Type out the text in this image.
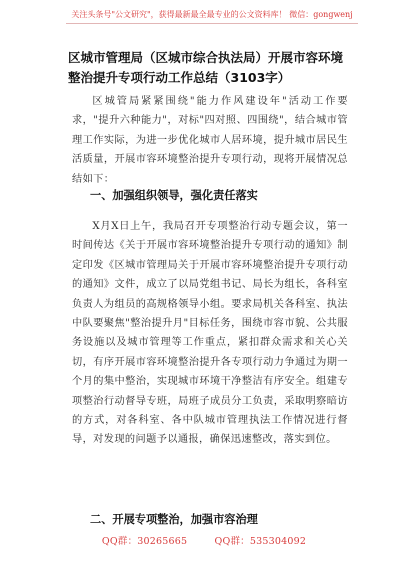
关注头条号"公文研究"，获得最新最全最专业的公文资料库！ 微信：gongwenj
区城市管理局（区城市综合执法局）开展市容环境整治提升专项行动工作总结（3103字）

区城管局紧紧围绕"能力作风建设年"活动工作要求，"提升六种能力"，对标"四对照、四围绕"，结合城市管理工作实际，为进一步优化城市人居环境，提升城市居民生活质量，开展市容环境整治提升专项行动，现将开展情况总结如下：

一、加强组织领导，强化责任落实

X月X日上午，我局召开专项整治行动专题会议，第一时间传达《关于开展市容环境整治提升专项行动的通知》制定印发《区城市管理局关于开展市容环境整治提升专项行动的通知》文件，成立了以局党组书记、局长为组长，各科室负责人为组员的高规格领导小组。要求局机关各科室、执法中队要聚焦"整治提升月"目标任务，围绕市容市貌、公共服务设施以及城市管理等工作重点，紧扣群众需求和关心关切，有序开展市容环境整治提升各专项行动力争通过为期一个月的集中整治，实现城市环境干净整洁有序安全。组建专项整治行动督导专班，局班子成员分工负责，采取明察暗访的方式，对各科室、各中队城市管理执法工作情况进行督导，对发现的问题予以通报，确保迅速整改，落实到位。

二、开展专项整治，加强市容治理
QQ群：30265665	QQ群：535304092
